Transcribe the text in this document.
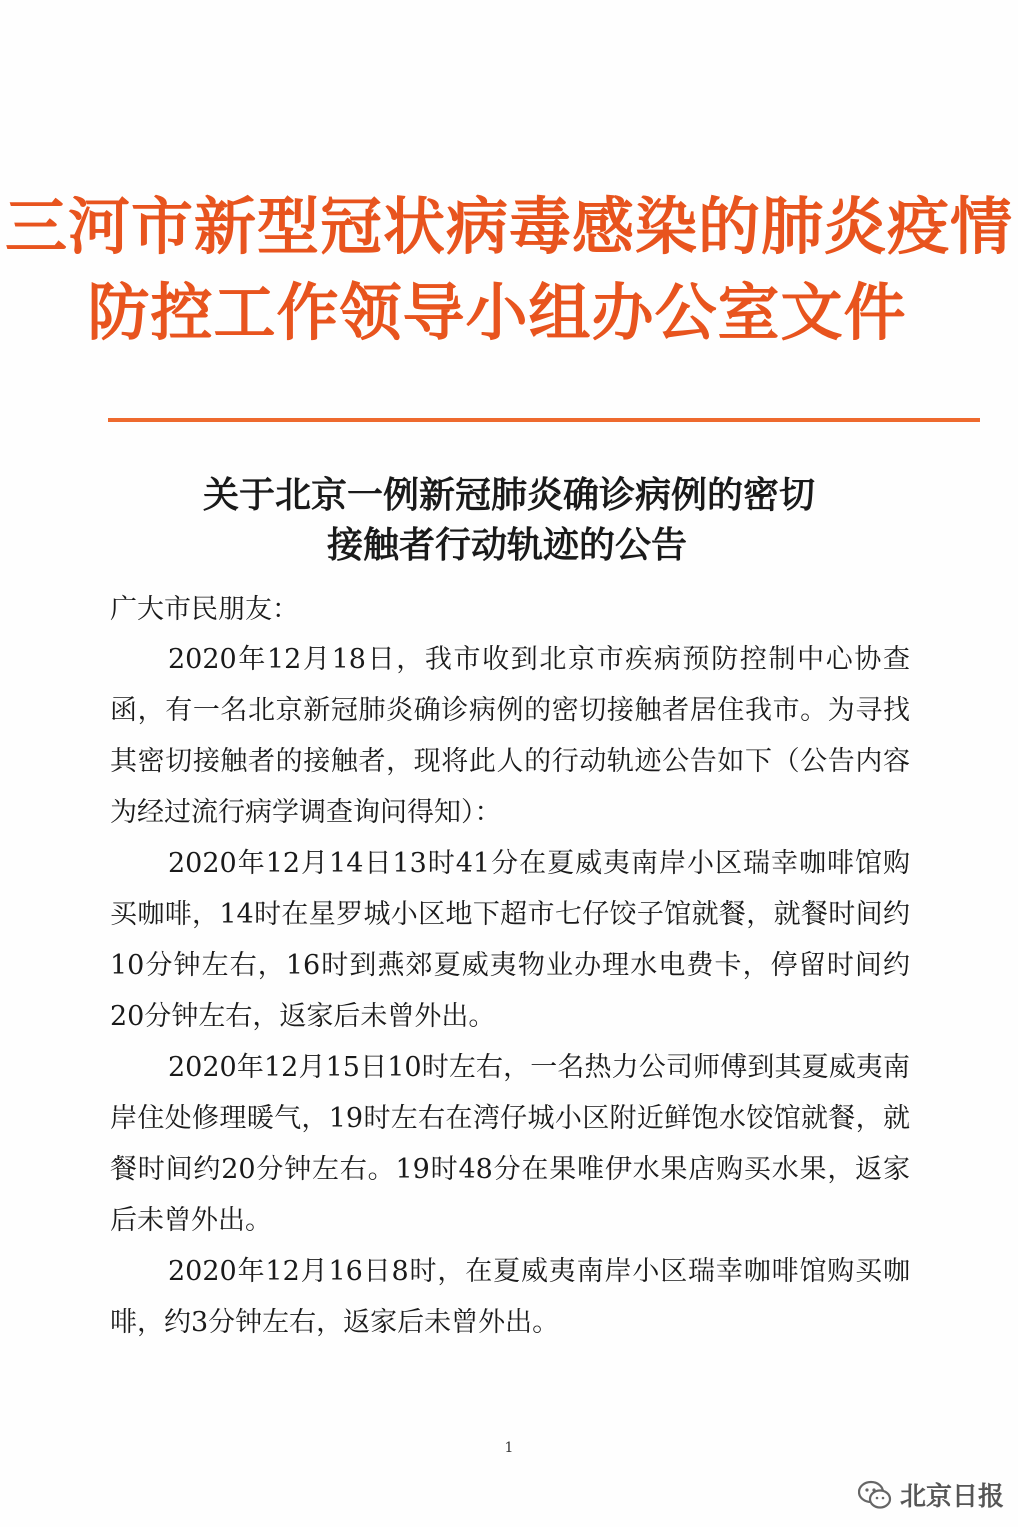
三河市新型冠状病毒感染的肺炎疫情
防控工作领导小组办公室文件
关于北京一例新冠肺炎确诊病例的密切
接触者行动轨迹的公告
广大市民朋友：

2020年12月18日，我市收到北京市疾病预防控制中心协查函，有一名北京新冠肺炎确诊病例的密切接触者居住我市。为寻找其密切接触者的接触者，现将此人的行动轨迹公告如下（公告内容为经过流行病学调查询问得知）：

2020年12月14日13时41分在夏威夷南岸小区瑞幸咖啡馆购买咖啡，14时在星罗城小区地下超市七仔饺子馆就餐，就餐时间约10分钟左右，16时到燕郊夏威夷物业办理水电费卡，停留时间约20分钟左右，返家后未曾外出。

2020年12月15日10时左右，一名热力公司师傅到其夏威夷南岸住处修理暖气，19时左右在湾仔城小区附近鲜饱水饺馆就餐，就餐时间约20分钟左右。19时48分在果唯伊水果店购买水果，返家后未曾外出。

2020年12月16日8时，在夏威夷南岸小区瑞幸咖啡馆购买咖啡，约3分钟左右，返家后未曾外出。

1
北京日报
